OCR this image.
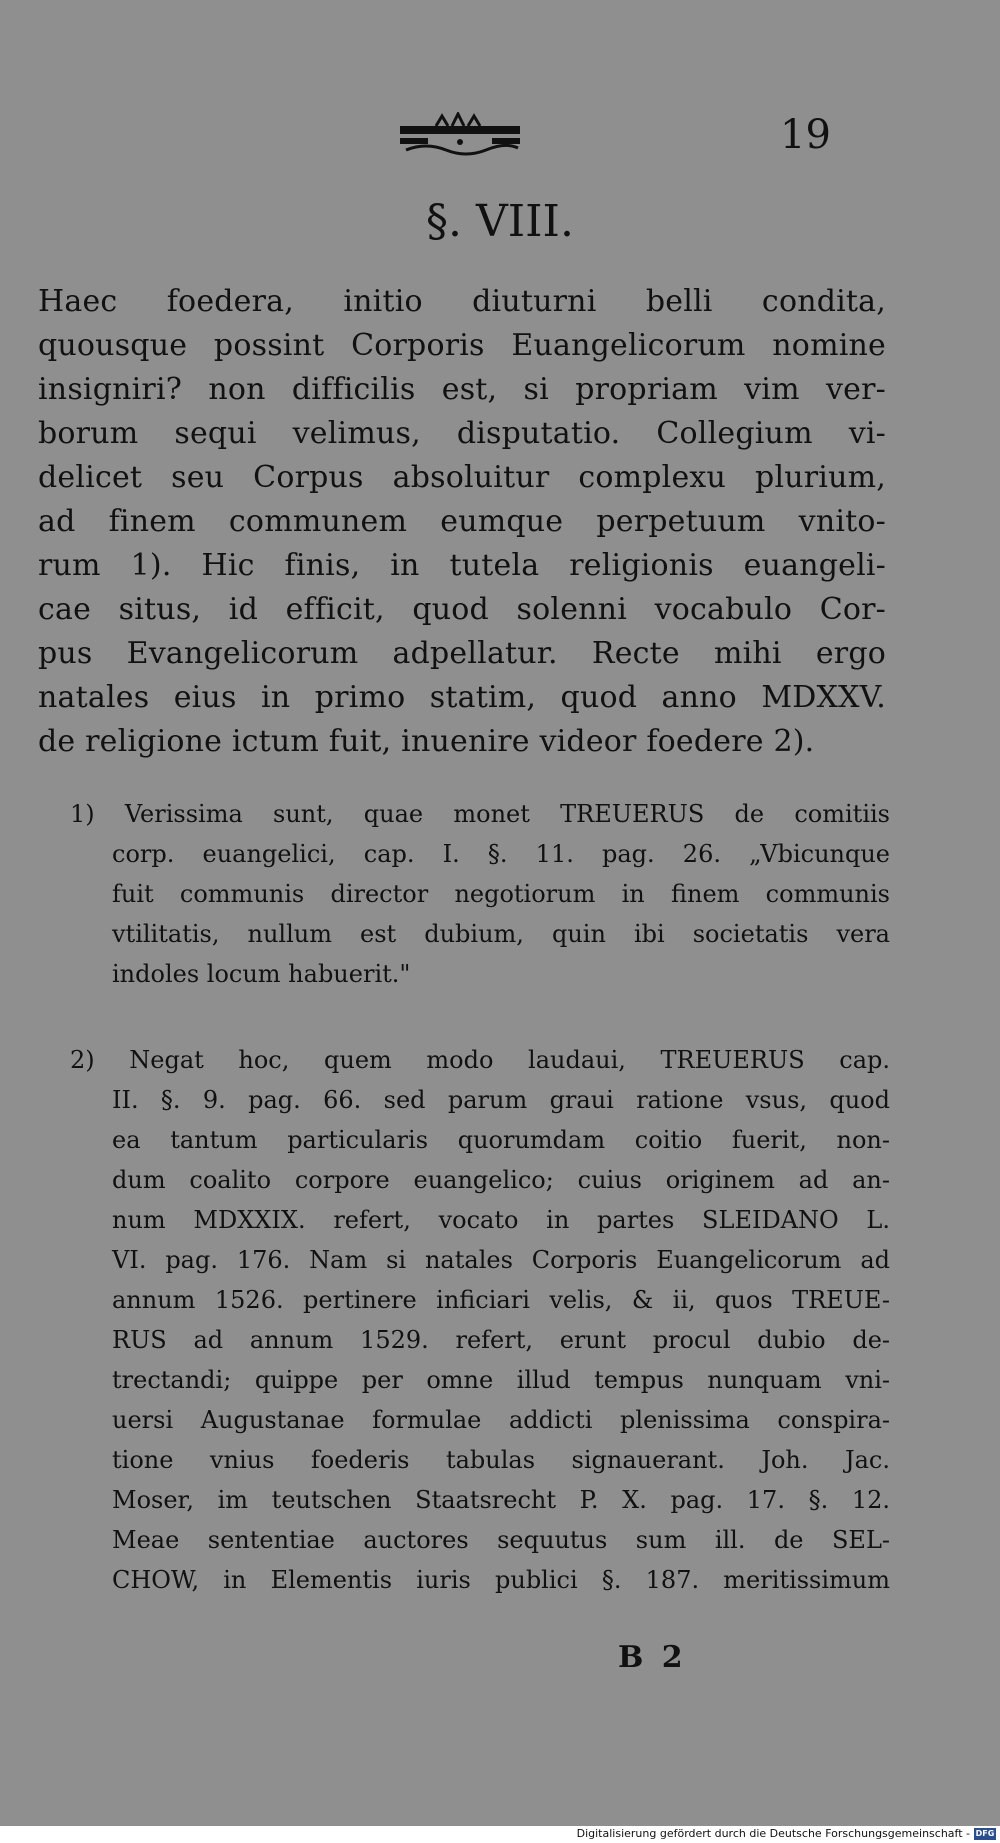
19
§. VIII.
Haec foedera, initio diuturni belli condita,
quousque possint Corporis Euangelicorum nomine
insigniri? non difficilis est, si propriam vim ver-
borum sequi velimus, disputatio. Collegium vi-
delicet seu Corpus absoluitur complexu plurium,
ad finem communem eumque perpetuum vnito-
rum 1). Hic finis, in tutela religionis euangeli-
cae situs, id efficit, quod solenni vocabulo Cor-
pus Evangelicorum adpellatur. Recte mihi ergo
natales eius in primo statim, quod anno MDXXV.
de religione ictum fuit, inuenire videor foedere 2).
1) Verissima sunt, quae monet TREUERUS de comitiis
corp. euangelici, cap. I. §. 11. pag. 26. „Vbicunque
fuit communis director negotiorum in finem communis
vtilitatis, nullum est dubium, quin ibi societatis vera
indoles locum habuerit."
2) Negat hoc, quem modo laudaui, TREUERUS cap.
II. §. 9. pag. 66. sed parum graui ratione vsus, quod
ea tantum particularis quorumdam coitio fuerit, non-
dum coalito corpore euangelico; cuius originem ad an-
num MDXXIX. refert, vocato in partes SLEIDANO L.
VI. pag. 176. Nam si natales Corporis Euangelicorum ad
annum 1526. pertinere inficiari velis, & ii, quos TREUE-
RUS ad annum 1529. refert, erunt procul dubio de-
trectandi; quippe per omne illud tempus nunquam vni-
uersi Augustanae formulae addicti plenissima conspira-
tione vnius foederis tabulas signauerant. Joh. Jac.
Moser, im teutschen Staatsrecht P. X. pag. 17. §. 12.
Meae sententiae auctores sequutus sum ill. de SEL-
CHOW, in Elementis iuris publici §. 187. meritissimum
B 2
Digitalisierung gefördert durch die Deutsche Forschungsgemeinschaft - DFG
